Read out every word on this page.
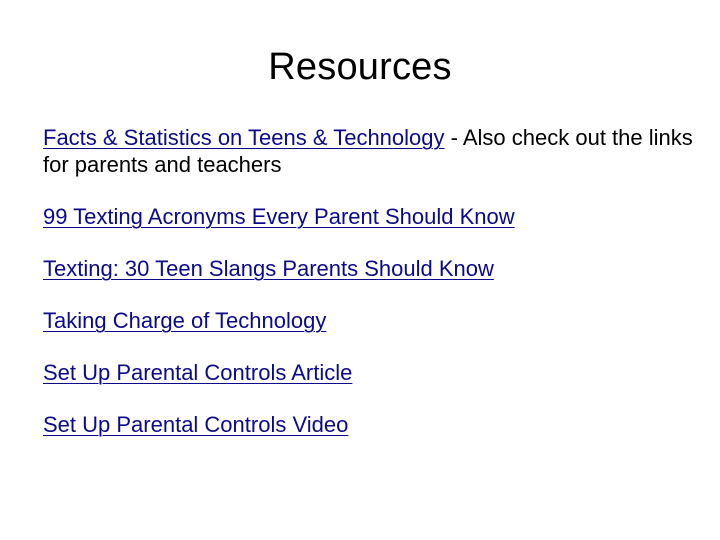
Resources
Facts & Statistics on Teens & Technology - Also check out the links for parents and teachers
99 Texting Acronyms Every Parent Should Know
Texting: 30 Teen Slangs Parents Should Know
Taking Charge of Technology
Set Up Parental Controls Article
Set Up Parental Controls Video
